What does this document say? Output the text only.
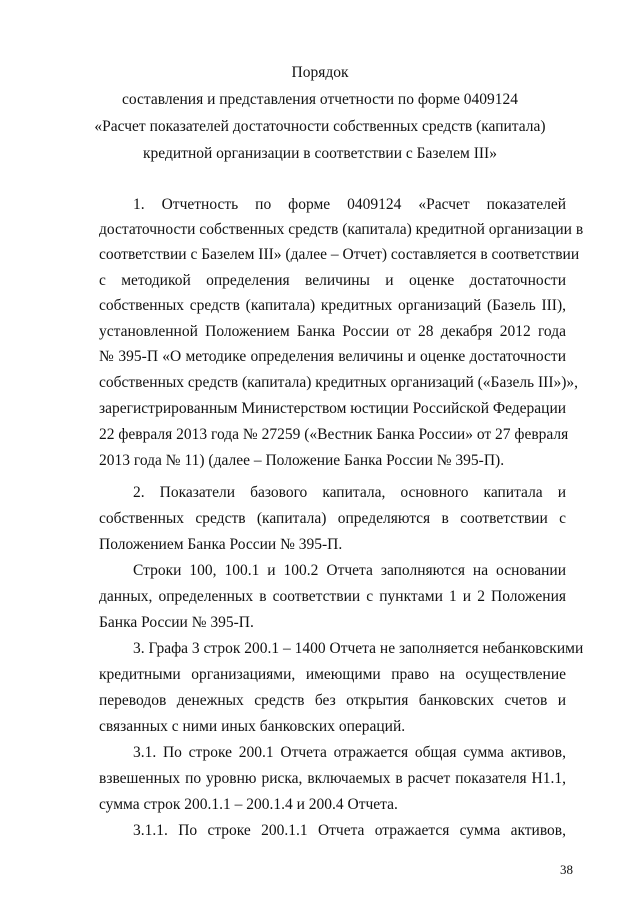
Порядок
составления и представления отчетности по форме 0409124
«Расчет показателей достаточности собственных средств (капитала)
кредитной организации в соответствии с Базелем III»
1. Отчетность по форме 0409124 «Расчет показателей
достаточности собственных средств (капитала) кредитной организации в
соответствии с Базелем III» (далее – Отчет) составляется в соответствии
с методикой определения величины и оценке достаточности
собственных средств (капитала) кредитных организаций (Базель III),
установленной Положением Банка России от 28 декабря 2012 года
№ 395-П «О методике определения величины и оценке достаточности
собственных средств (капитала) кредитных организаций («Базель III»)»,
зарегистрированным Министерством юстиции Российской Федерации
22 февраля 2013 года № 27259 («Вестник Банка России» от 27 февраля
2013 года № 11) (далее – Положение Банка России № 395-П).
2. Показатели базового капитала, основного капитала и
собственных средств (капитала) определяются в соответствии с
Положением Банка России № 395-П.
Строки 100, 100.1 и 100.2 Отчета заполняются на основании
данных, определенных в соответствии с пунктами 1 и 2 Положения
Банка России № 395-П.
3. Графа 3 строк 200.1 – 1400 Отчета не заполняется небанковскими
кредитными организациями, имеющими право на осуществление
переводов денежных средств без открытия банковских счетов и
связанных с ними иных банковских операций.
3.1. По строке 200.1 Отчета отражается общая сумма активов,
взвешенных по уровню риска, включаемых в расчет показателя Н1.1,
сумма строк 200.1.1 – 200.1.4 и 200.4 Отчета.
3.1.1. По строке 200.1.1 Отчета отражается сумма активов,
38
